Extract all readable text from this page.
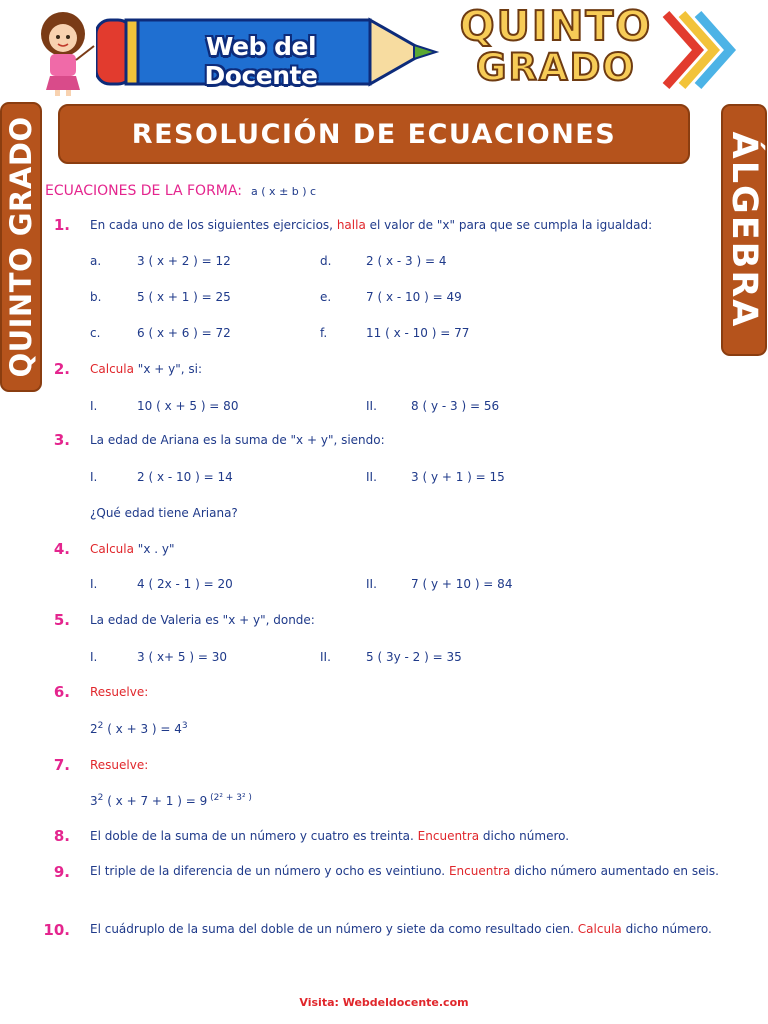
Web del Docente
QUINTO
GRADO
RESOLUCIÓN DE ECUACIONES
QUINTO GRADO	ÁLGEBRA
ECUACIONES DE LA FORMA: a ( x ± b ) c
1. En cada uno de los siguientes ejercicios, halla el valor de "x" para que se cumpla la igualdad:
a.	3 ( x + 2 ) = 12
b.	5 ( x + 1 ) = 25
c.	6 ( x + 6 ) = 72
d.	2 ( x - 3 ) = 4
e.	7 ( x - 10 ) = 49
f.	11 ( x - 10 ) = 77
2. Calcula "x + y", si:
I.	10 ( x + 5 ) = 80	II.	8 ( y - 3 ) = 56
3. La edad de Ariana es la suma de "x + y", siendo:
I.	2 ( x - 10 ) = 14	II.	3 ( y + 1 ) = 15
¿Qué edad tiene Ariana?
4. Calcula "x . y"
I.	4 ( 2x - 1 ) = 20	II.	7 ( y + 10 ) = 84
5. La edad de Valeria es "x + y", donde:
I.	3 ( x+ 5 ) = 30	II.	5 ( 3y - 2 ) = 35
6. Resuelve:
$2^2$ ( x + 3 ) = $4^3$
7. Resuelve:
$3^2$ ( x + 7 + 1 ) = 9 $^{(2^2 + 3^2 )}$
8. El doble de la suma de un número y cuatro es treinta. Encuentra dicho número.
9. El triple de la diferencia de un número y ocho es veintiuno. Encuentra dicho número aumentado en seis.
10. El cuádruplo de la suma del doble de un número y siete da como resultado cien. Calcula dicho número.
Visita: Webdeldocente.com
